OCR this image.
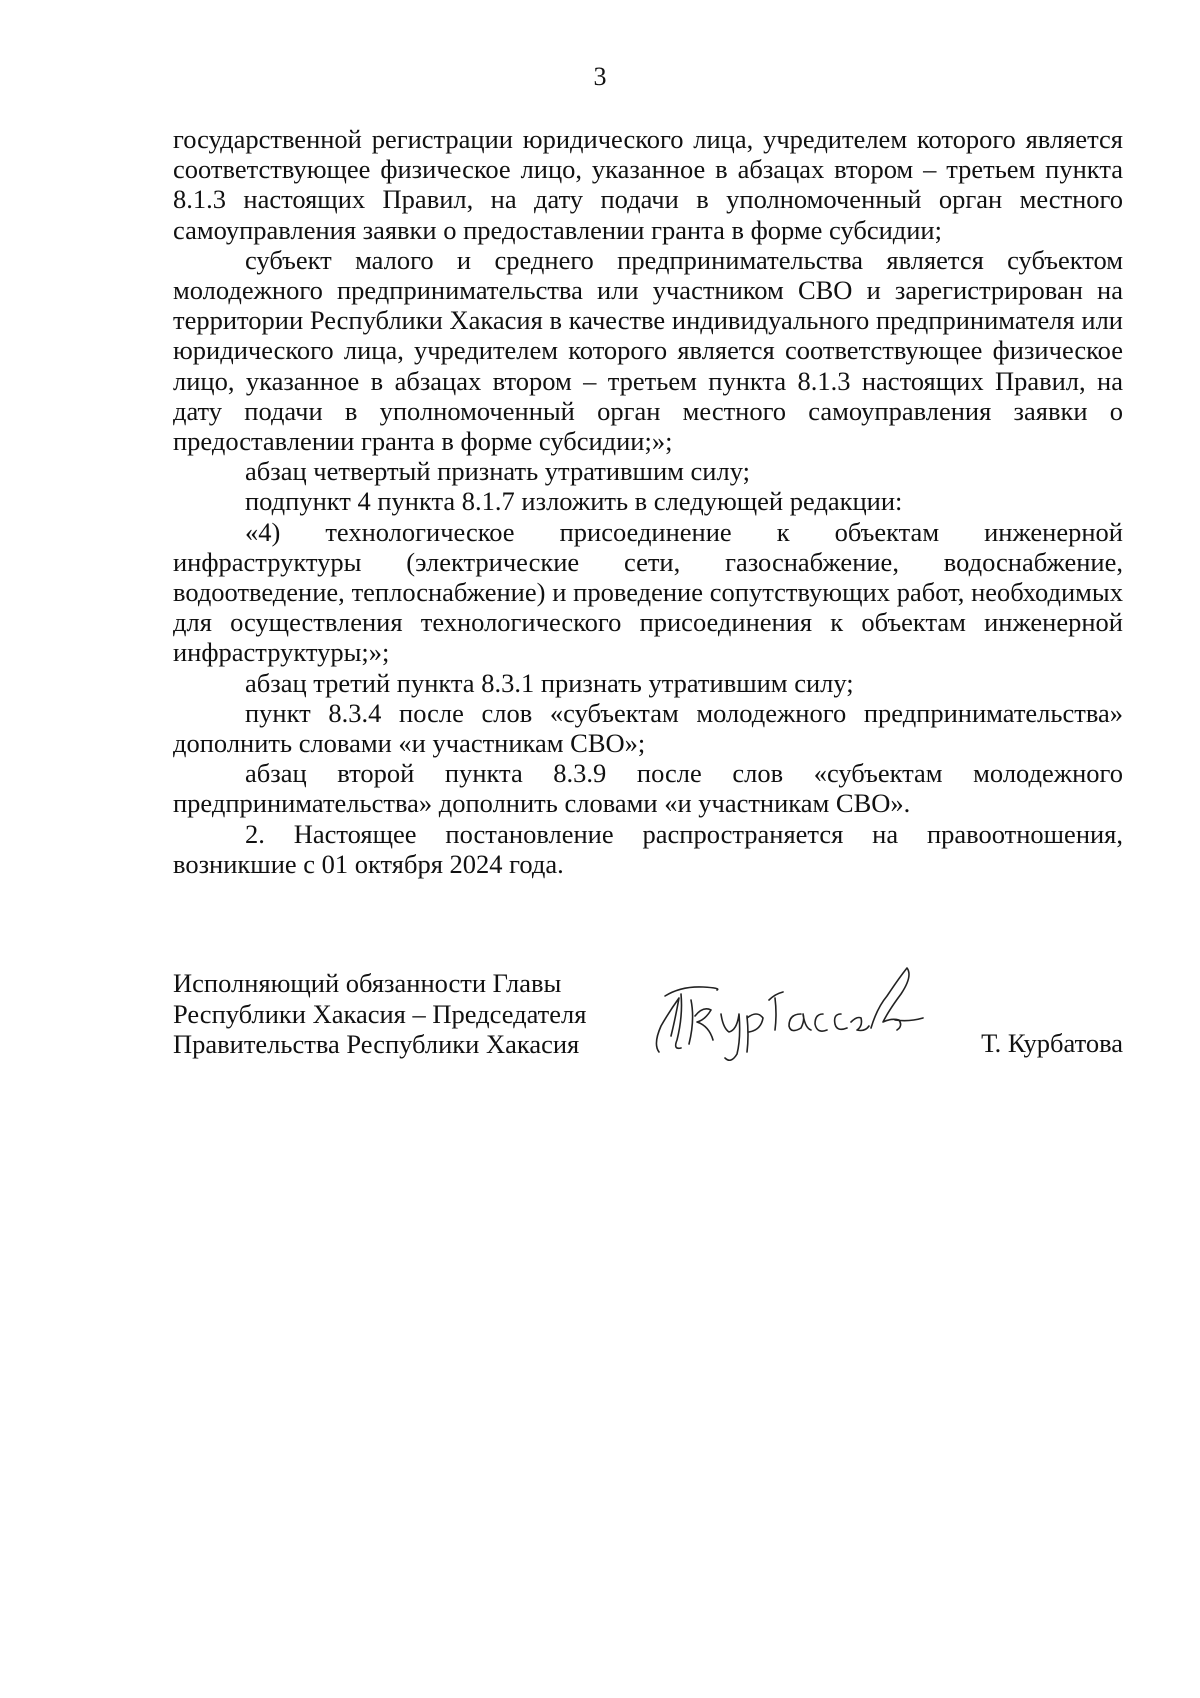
3

государственной регистрации юридического лица, учредителем которого является соответствующее физическое лицо, указанное в абзацах втором – третьем пункта 8.1.3 настоящих Правил, на дату подачи в уполномоченный орган местного самоуправления заявки о предоставлении гранта в форме субсидии;

субъект малого и среднего предпринимательства является субъектом молодежного предпринимательства или участником СВО и зарегистрирован на территории Республики Хакасия в качестве индивидуального предпринимателя или юридического лица, учредителем которого является соответствующее физическое лицо, указанное в абзацах втором – третьем пункта 8.1.3 настоящих Правил, на дату подачи в уполномоченный орган местного самоуправления заявки о предоставлении гранта в форме субсидии;»;

абзац четвертый признать утратившим силу;

подпункт 4 пункта 8.1.7 изложить в следующей редакции:

«4) технологическое присоединение к объектам инженерной инфраструктуры (электрические сети, газоснабжение, водоснабжение, водоотведение, теплоснабжение) и проведение сопутствующих работ, необходимых для осуществления технологического присоединения к объектам инженерной инфраструктуры;»;

абзац третий пункта 8.3.1 признать утратившим силу;

пункт 8.3.4 после слов «субъектам молодежного предпринимательства» дополнить словами «и участникам СВО»;

абзац второй пункта 8.3.9 после слов «субъектам молодежного предпринимательства» дополнить словами «и участникам СВО».

2. Настоящее постановление распространяется на правоотношения, возникшие с 01 октября 2024 года.

Исполняющий обязанности Главы
Республики Хакасия – Председателя
Правительства Республики Хакасия	Т. Курбатова
